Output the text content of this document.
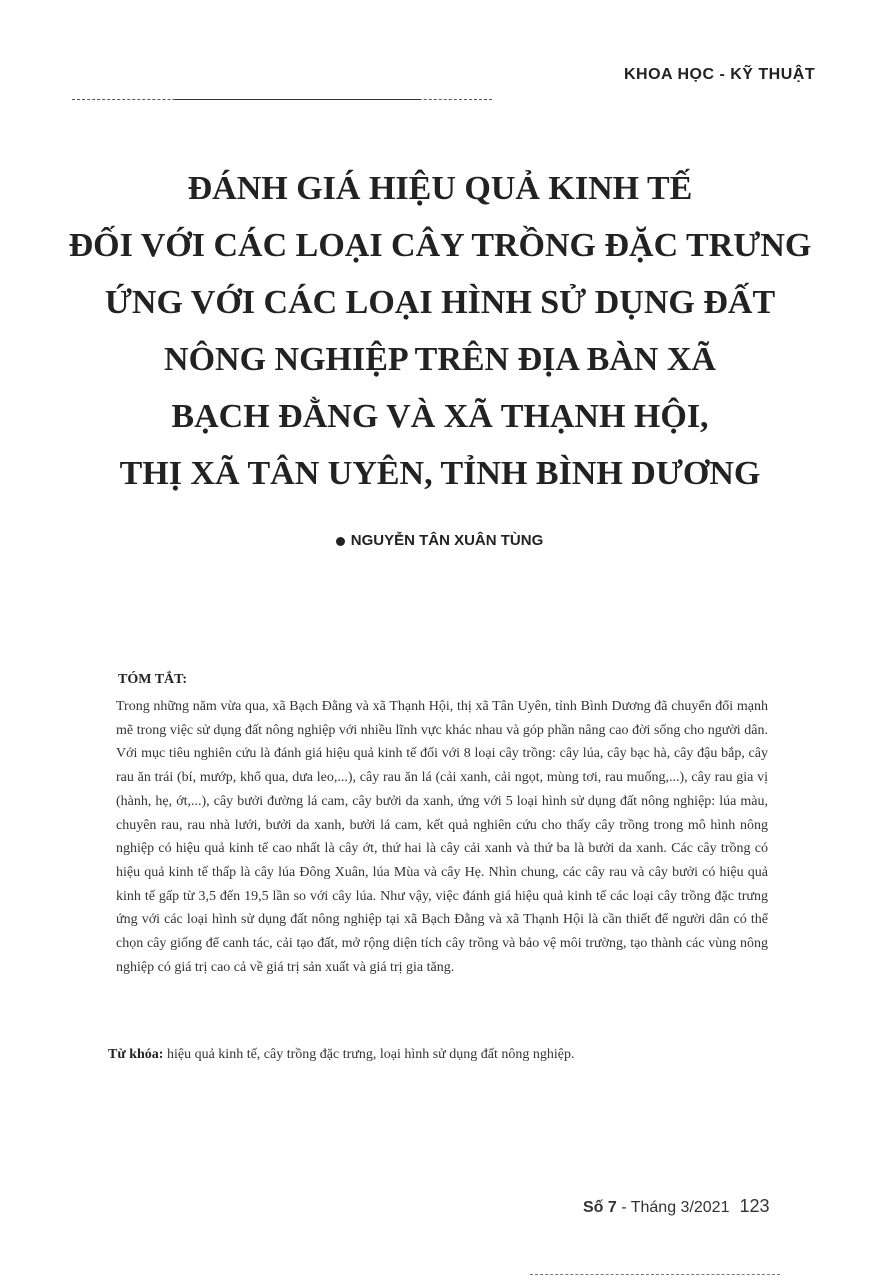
KHOA HỌC - KỸ THUẬT
ĐÁNH GIÁ HIỆU QUẢ KINH TẾ
ĐỐI VỚI CÁC LOẠI CÂY TRỒNG ĐẶC TRƯNG
ỨNG VỚI CÁC LOẠI HÌNH SỬ DỤNG ĐẤT
NÔNG NGHIỆP TRÊN ĐỊA BÀN XÃ
BẠCH ĐẰNG VÀ XÃ THẠNH HỘI,
THỊ XÃ TÂN UYÊN, TỈNH BÌNH DƯƠNG
NGUYỄN TÂN XUÂN TÙNG
TÓM TẮT:

Trong những năm vừa qua, xã Bạch Đằng và xã Thạnh Hội, thị xã Tân Uyên, tỉnh Bình Dương đã chuyển đổi mạnh mẽ trong việc sử dụng đất nông nghiệp với nhiều lĩnh vực khác nhau và góp phần nâng cao đời sống cho người dân. Với mục tiêu nghiên cứu là đánh giá hiệu quả kinh tế đối với 8 loại cây trồng: cây lúa, cây bạc hà, cây đậu bắp, cây rau ăn trái (bí, mướp, khổ qua, dưa leo,...), cây rau ăn lá (cải xanh, cải ngọt, mùng tơi, rau muống,...), cây rau gia vị (hành, hẹ, ớt,...), cây bưởi đường lá cam, cây bưởi da xanh, ứng với 5 loại hình sử dụng đất nông nghiệp: lúa màu, chuyên rau, rau nhà lưới, bưởi da xanh, bưởi lá cam, kết quả nghiên cứu cho thấy cây trồng trong mô hình nông nghiệp có hiệu quả kinh tế cao nhất là cây ớt, thứ hai là cây cải xanh và thứ ba là bưởi da xanh. Các cây trồng có hiệu quả kinh tế thấp là cây lúa Đông Xuân, lúa Mùa và cây Hẹ. Nhìn chung, các cây rau và cây bưởi có hiệu quả kinh tế gấp từ 3,5 đến 19,5 lần so với cây lúa. Như vậy, việc đánh giá hiệu quả kinh tế các loại cây trồng đặc trưng ứng với các loại hình sử dụng đất nông nghiệp tại xã Bạch Đằng và xã Thạnh Hội là cần thiết để người dân có thể chọn cây giống để canh tác, cải tạo đất, mở rộng diện tích cây trồng và bảo vệ môi trường, tạo thành các vùng nông nghiệp có giá trị cao cả về giá trị sản xuất và giá trị gia tăng.

Từ khóa: hiệu quả kinh tế, cây trồng đặc trưng, loại hình sử dụng đất nông nghiệp.
Số 7 - Tháng 3/2021 123
